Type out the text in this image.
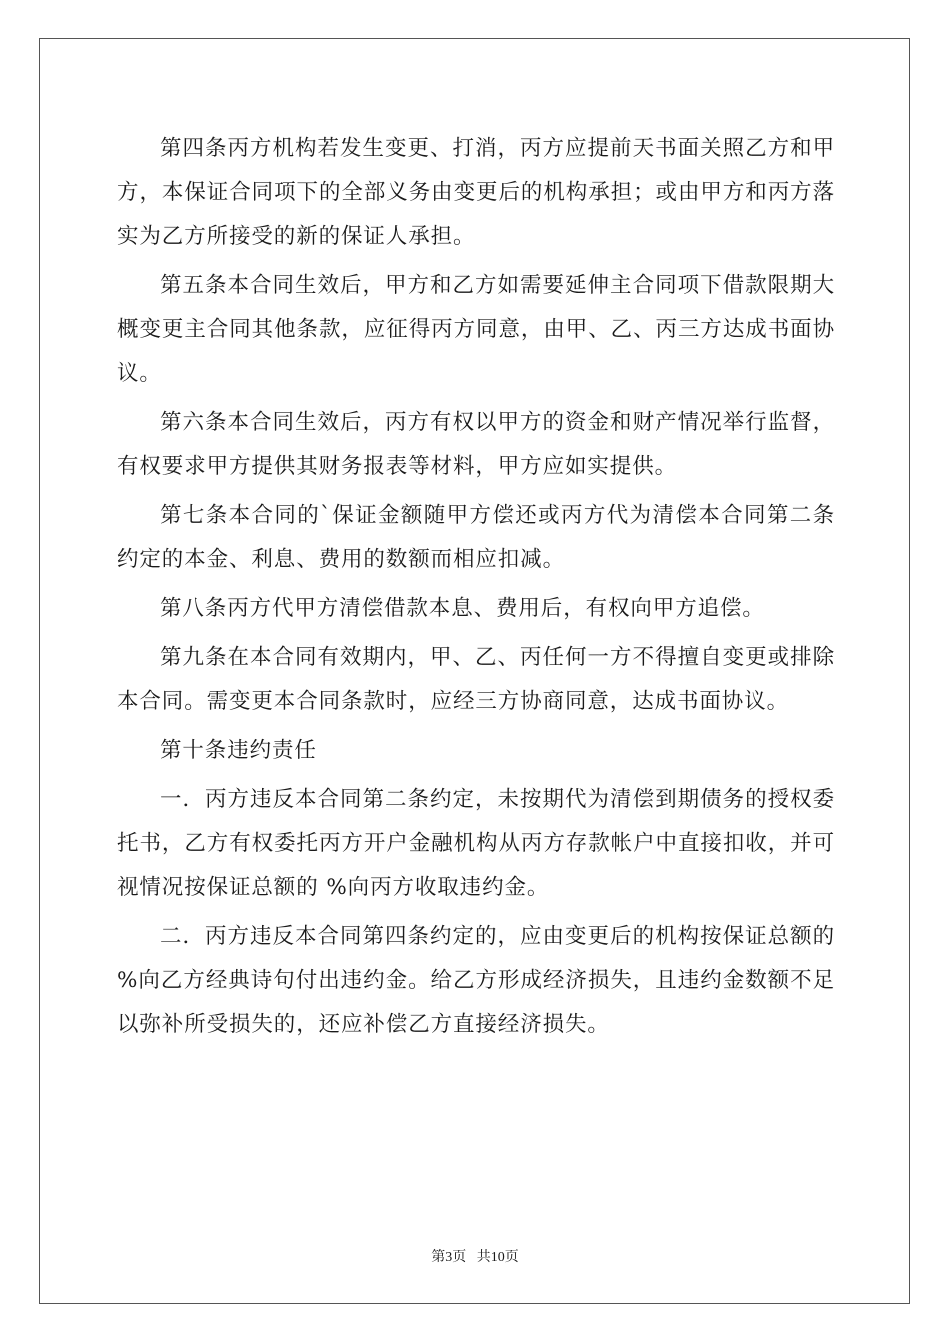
第四条丙方机构若发生变更、打消，丙方应提前天书面关照乙方和甲方，本保证合同项下的全部义务由变更后的机构承担；或由甲方和丙方落实为乙方所接受的新的保证人承担。

第五条本合同生效后，甲方和乙方如需要延伸主合同项下借款限期大概变更主合同其他条款，应征得丙方同意，由甲、乙、丙三方达成书面协议。

第六条本合同生效后，丙方有权以甲方的资金和财产情况举行监督，有权要求甲方提供其财务报表等材料，甲方应如实提供。

第七条本合同的`保证金额随甲方偿还或丙方代为清偿本合同第二条约定的本金、利息、费用的数额而相应扣减。

第八条丙方代甲方清偿借款本息、费用后，有权向甲方追偿。

第九条在本合同有效期内，甲、乙、丙任何一方不得擅自变更或排除本合同。需变更本合同条款时，应经三方协商同意，达成书面协议。

第十条违约责任

一．丙方违反本合同第二条约定，未按期代为清偿到期债务的授权委托书，乙方有权委托丙方开户金融机构从丙方存款帐户中直接扣收，并可视情况按保证总额的 %向丙方收取违约金。

二．丙方违反本合同第四条约定的，应由变更后的机构按保证总额的 %向乙方经典诗句付出违约金。给乙方形成经济损失，且违约金数额不足以弥补所受损失的，还应补偿乙方直接经济损失。

第3页 共10页
